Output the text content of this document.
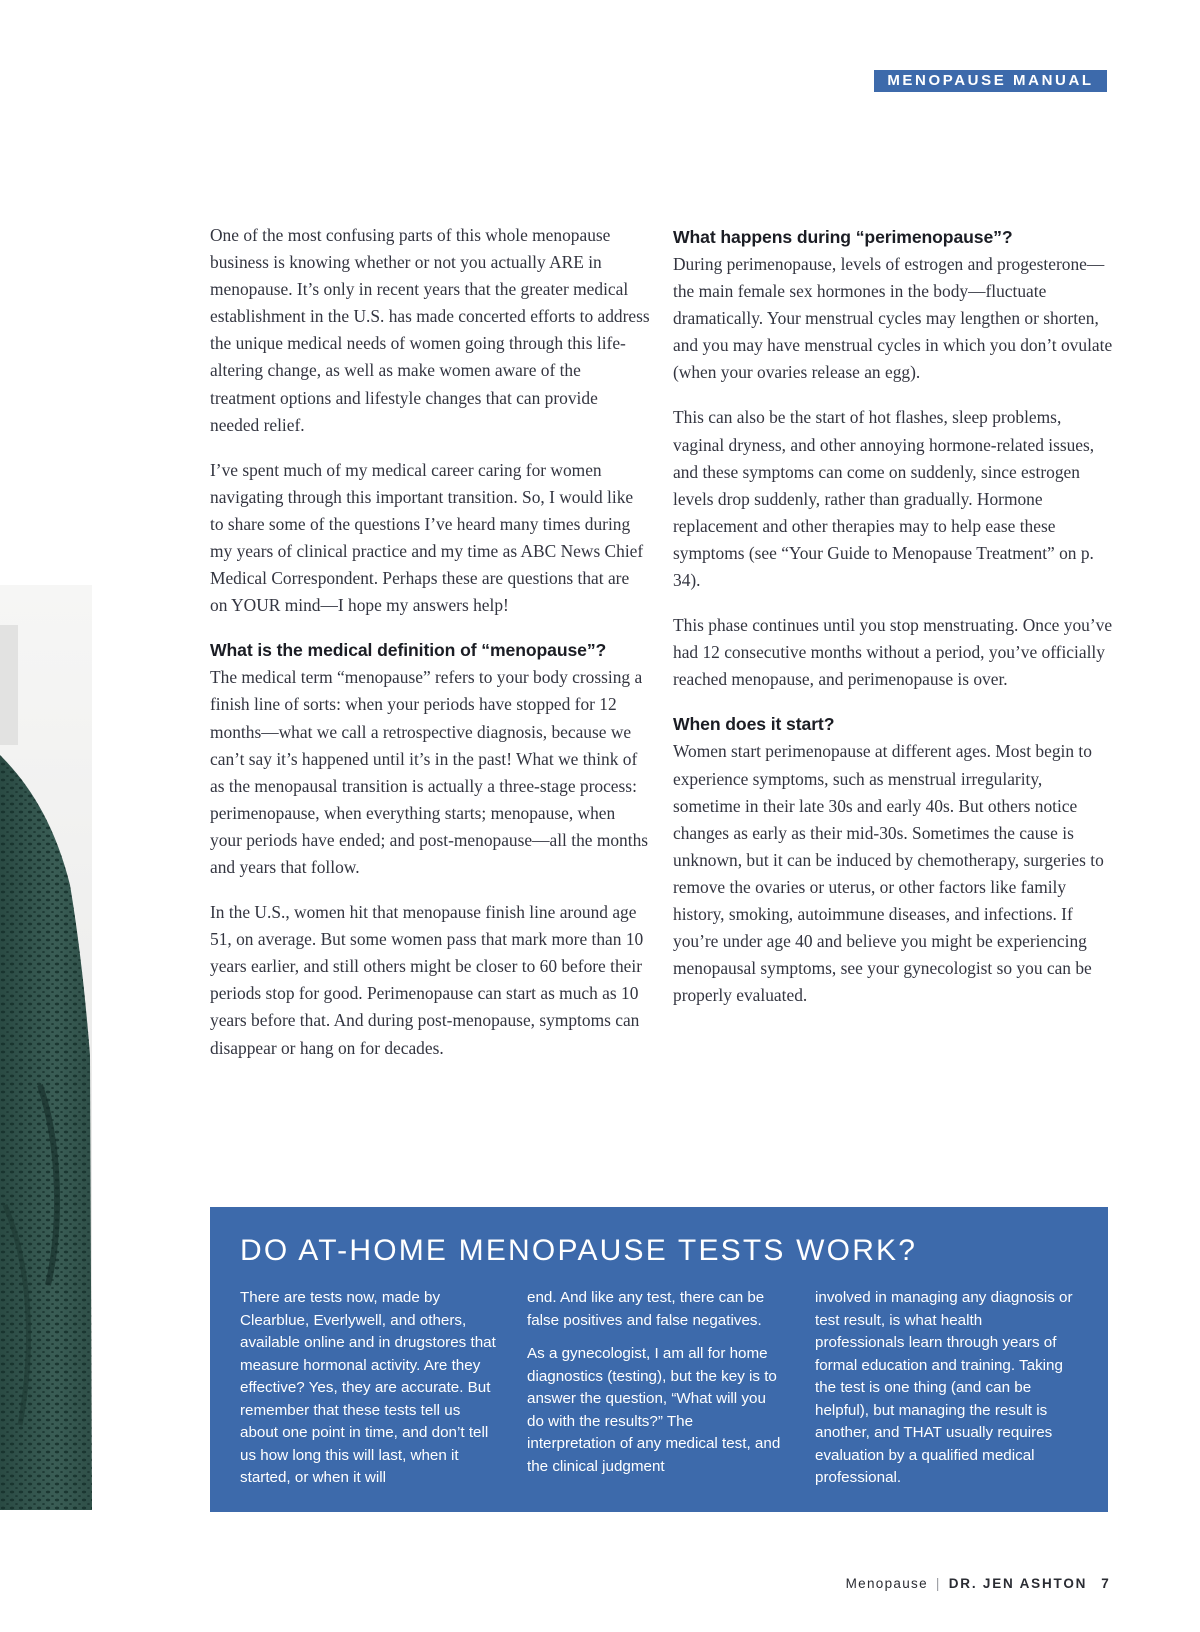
MENOPAUSE MANUAL

One of the most confusing parts of this whole menopause business is knowing whether or not you actually ARE in menopause. It’s only in recent years that the greater medical establishment in the U.S. has made concerted efforts to address the unique medical needs of women going through this life-altering change, as well as make women aware of the treatment options and lifestyle changes that can provide needed relief.

I’ve spent much of my medical career caring for women navigating through this important transition. So, I would like to share some of the questions I’ve heard many times during my years of clinical practice and my time as ABC News Chief Medical Correspondent. Perhaps these are questions that are on YOUR mind—I hope my answers help!

What is the medical definition of “menopause”?

The medical term “menopause” refers to your body crossing a finish line of sorts: when your periods have stopped for 12 months—what we call a retrospective diagnosis, because we can’t say it’s happened until it’s in the past! What we think of as the menopausal transition is actually a three-stage process: perimenopause, when everything starts; menopause, when your periods have ended; and post-menopause—all the months and years that follow.

In the U.S., women hit that menopause finish line around age 51, on average. But some women pass that mark more than 10 years earlier, and still others might be closer to 60 before their periods stop for good. Perimenopause can start as much as 10 years before that. And during post-menopause, symptoms can disappear or hang on for decades.

What happens during “perimenopause”?

During perimenopause, levels of estrogen and progesterone—the main female sex hormones in the body—fluctuate dramatically. Your menstrual cycles may lengthen or shorten, and you may have menstrual cycles in which you don’t ovulate (when your ovaries release an egg).

This can also be the start of hot flashes, sleep problems, vaginal dryness, and other annoying hormone-related issues, and these symptoms can come on suddenly, since estrogen levels drop suddenly, rather than gradually. Hormone replacement and other therapies may to help ease these symptoms (see “Your Guide to Menopause Treatment” on p. 34).

This phase continues until you stop menstruating. Once you’ve had 12 consecutive months without a period, you’ve officially reached menopause, and perimenopause is over.

When does it start?

Women start perimenopause at different ages. Most begin to experience symptoms, such as menstrual irregularity, sometime in their late 30s and early 40s. But others notice changes as early as their mid-30s. Sometimes the cause is unknown, but it can be induced by chemotherapy, surgeries to remove the ovaries or uterus, or other factors like family history, smoking, autoimmune diseases, and infections. If you’re under age 40 and believe you might be experiencing menopausal symptoms, see your gynecologist so you can be properly evaluated.

DO AT-HOME MENOPAUSE TESTS WORK?

There are tests now, made by Clearblue, Everlywell, and others, available online and in drugstores that measure hormonal activity. Are they effective? Yes, they are accurate. But remember that these tests tell us about one point in time, and don’t tell us how long this will last, when it started, or when it will

end. And like any test, there can be false positives and false negatives.

As a gynecologist, I am all for home diagnostics (testing), but the key is to answer the question, “What will you do with the results?” The interpretation of any medical test, and the clinical judgment

involved in managing any diagnosis or test result, is what health professionals learn through years of formal education and training. Taking the test is one thing (and can be helpful), but managing the result is another, and THAT usually requires evaluation by a qualified medical professional.

Menopause | DR. JEN ASHTON 7
